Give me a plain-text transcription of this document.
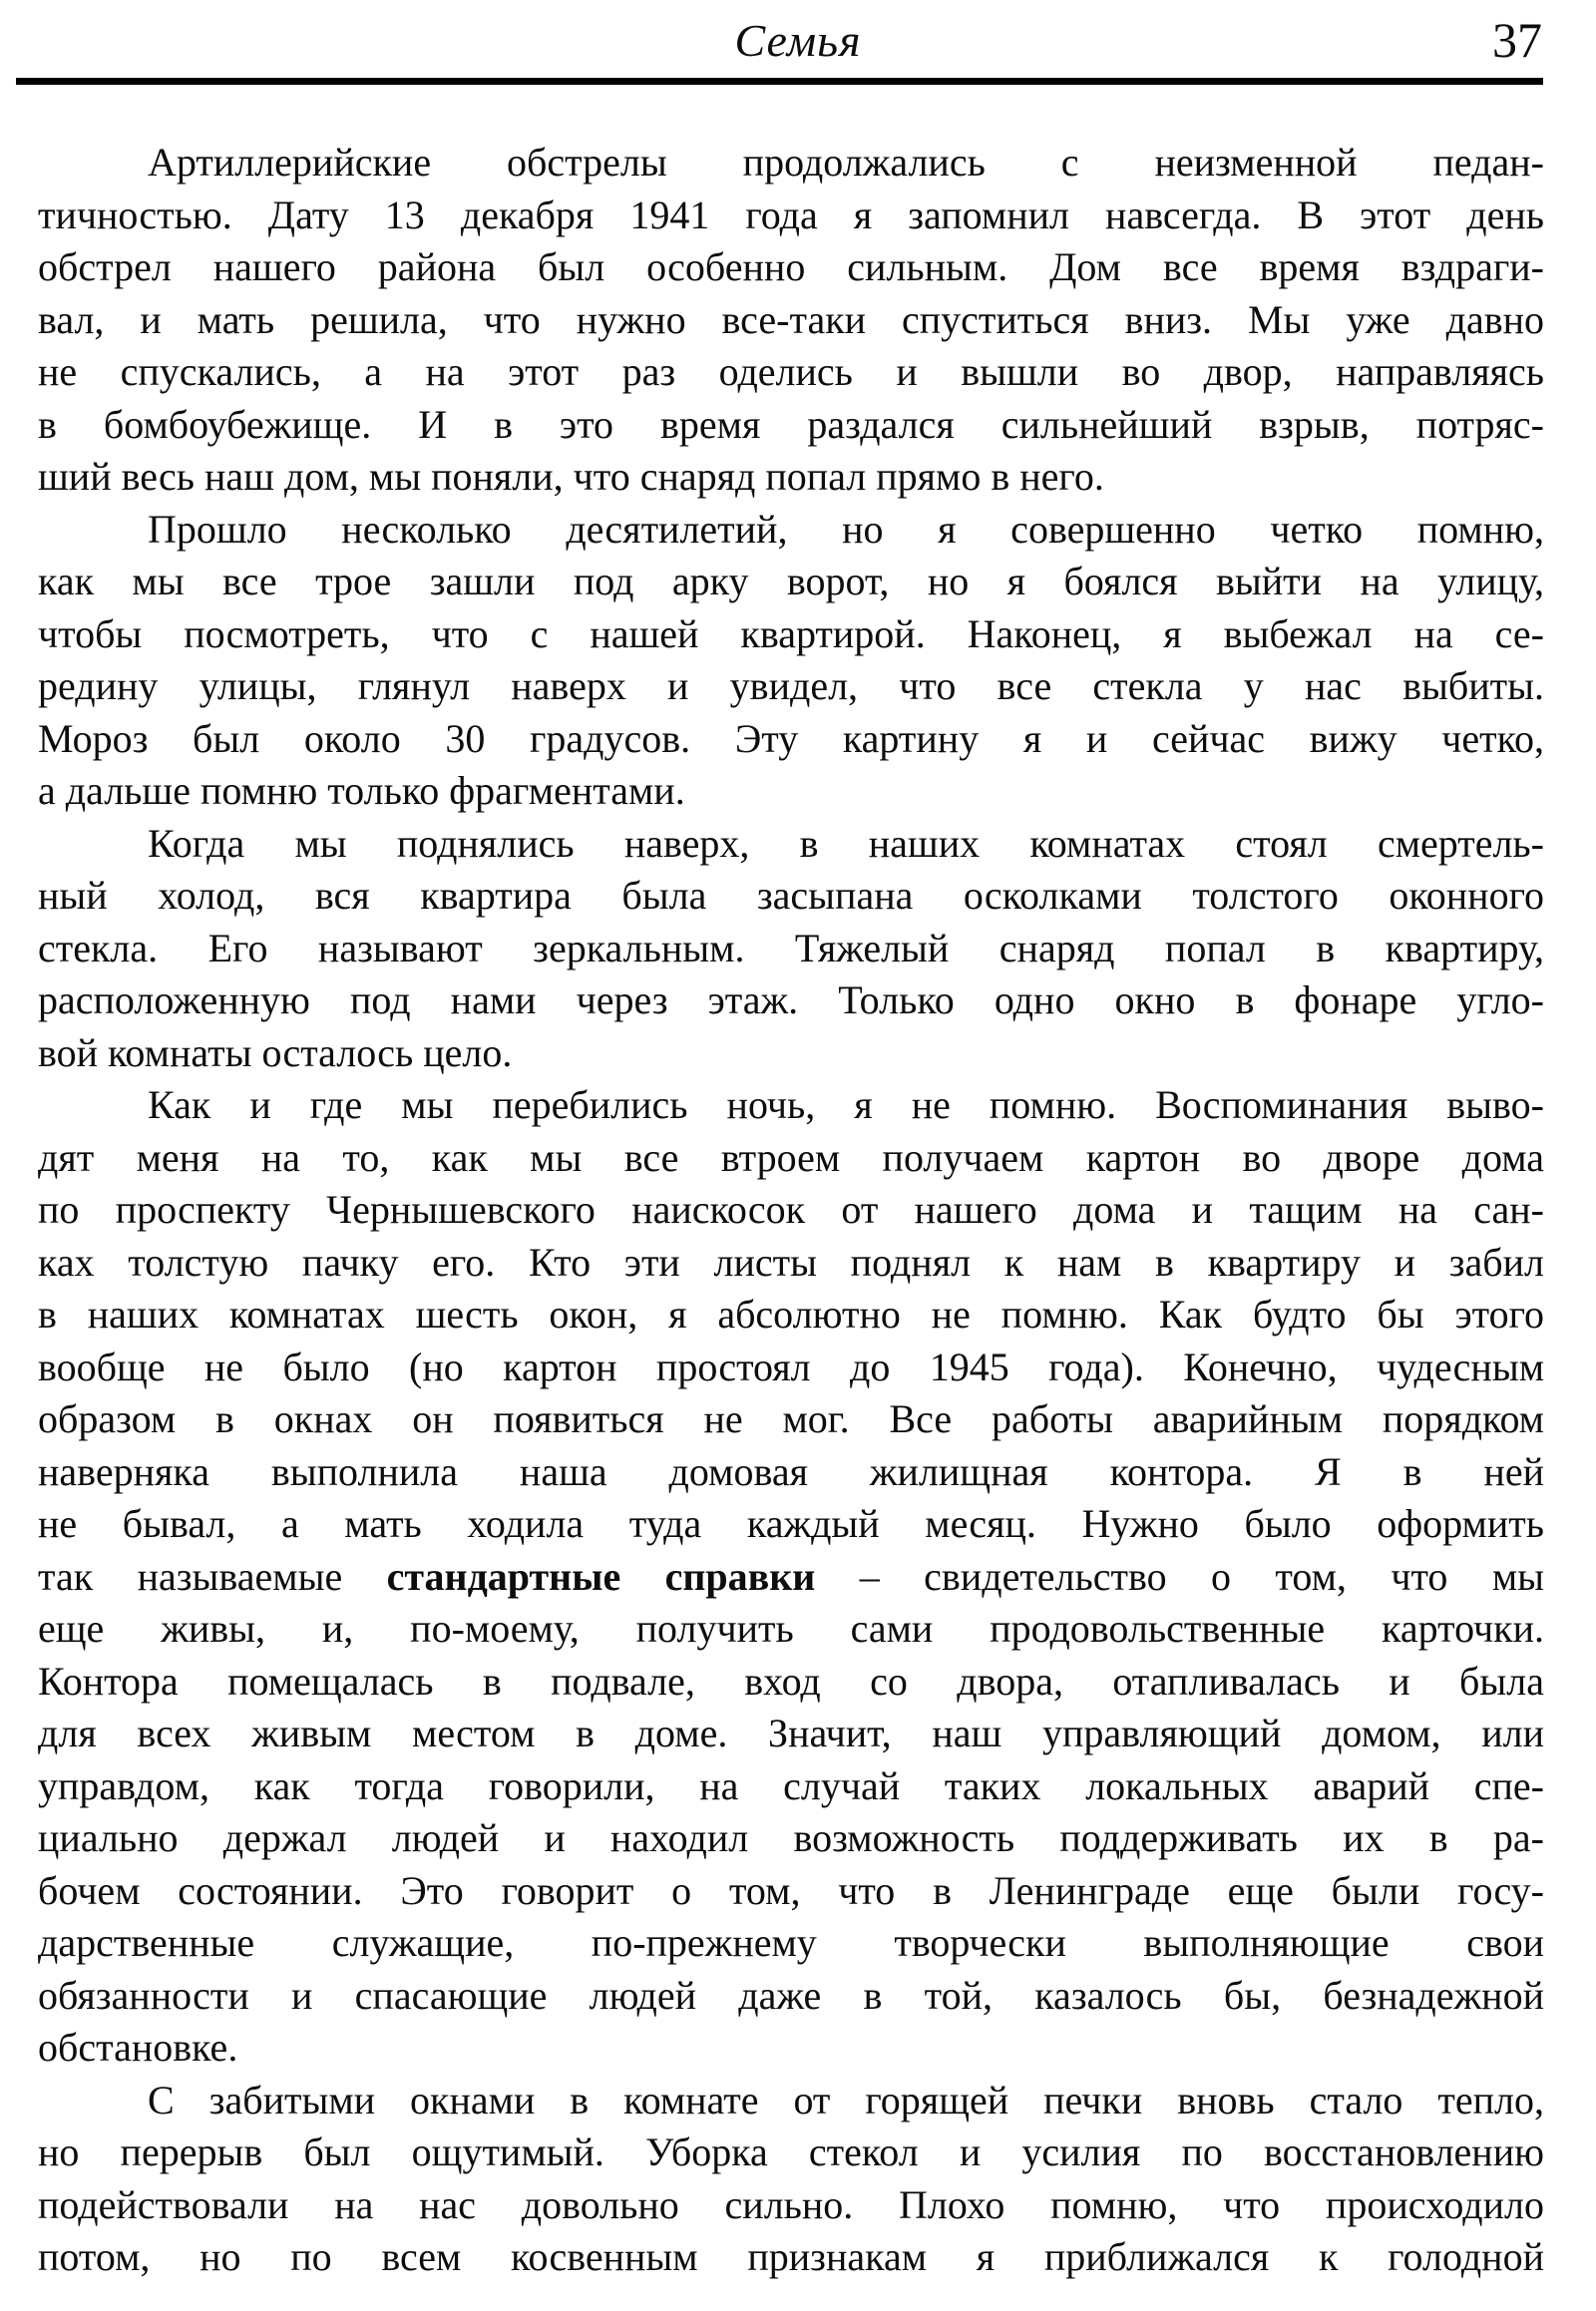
Семья	37
Артиллерийские обстрелы продолжались с неизменной педан-
тичностью. Дату 13 декабря 1941 года я запомнил навсегда. В этот день
обстрел нашего района был особенно сильным. Дом все время вздраги-
вал, и мать решила, что нужно все-таки спуститься вниз. Мы уже давно
не спускались, а на этот раз оделись и вышли во двор, направляясь
в бомбоубежище. И в это время раздался сильнейший взрыв, потряс-
ший весь наш дом, мы поняли, что снаряд попал прямо в него.
Прошло несколько десятилетий, но я совершенно четко помню,
как мы все трое зашли под арку ворот, но я боялся выйти на улицу,
чтобы посмотреть, что с нашей квартирой. Наконец, я выбежал на се-
редину улицы, глянул наверх и увидел, что все стекла у нас выбиты.
Мороз был около 30 градусов. Эту картину я и сейчас вижу четко,
а дальше помню только фрагментами.
Когда мы поднялись наверх, в наших комнатах стоял смертель-
ный холод, вся квартира была засыпана осколками толстого оконного
стекла. Его называют зеркальным. Тяжелый снаряд попал в квартиру,
расположенную под нами через этаж. Только одно окно в фонаре угло-
вой комнаты осталось цело.
Как и где мы перебились ночь, я не помню. Воспоминания выво-
дят меня на то, как мы все втроем получаем картон во дворе дома
по проспекту Чернышевского наискосок от нашего дома и тащим на сан-
ках толстую пачку его. Кто эти листы поднял к нам в квартиру и забил
в наших комнатах шесть окон, я абсолютно не помню. Как будто бы этого
вообще не было (но картон простоял до 1945 года). Конечно, чудесным
образом в окнах он появиться не мог. Все работы аварийным порядком
наверняка выполнила наша домовая жилищная контора. Я в ней
не бывал, а мать ходила туда каждый месяц. Нужно было оформить
так называемые стандартные справки – свидетельство о том, что мы
еще живы, и, по-моему, получить сами продовольственные карточки.
Контора помещалась в подвале, вход со двора, отапливалась и была
для всех живым местом в доме. Значит, наш управляющий домом, или
управдом, как тогда говорили, на случай таких локальных аварий спе-
циально держал людей и находил возможность поддерживать их в ра-
бочем состоянии. Это говорит о том, что в Ленинграде еще были госу-
дарственные служащие, по-прежнему творчески выполняющие свои
обязанности и спасающие людей даже в той, казалось бы, безнадежной
обстановке.
С забитыми окнами в комнате от горящей печки вновь стало тепло,
но перерыв был ощутимый. Уборка стекол и усилия по восстановлению
подействовали на нас довольно сильно. Плохо помню, что происходило
потом, но по всем косвенным признакам я приближался к голодной
